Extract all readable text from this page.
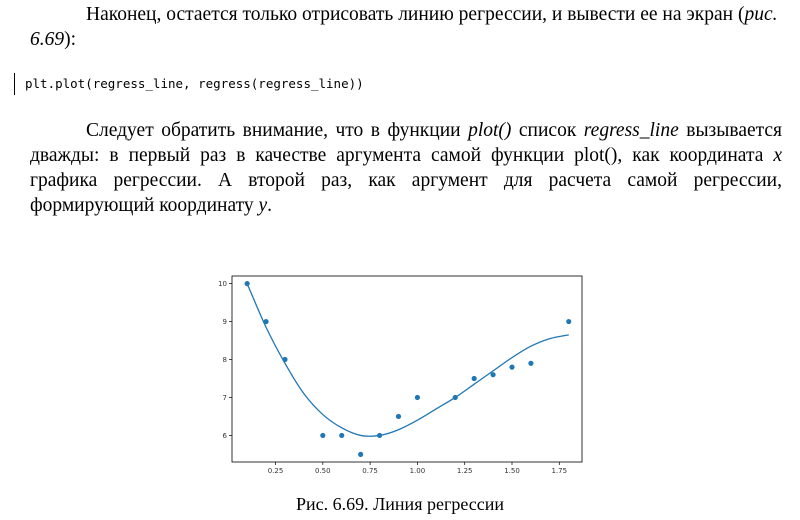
Наконец, остается только отрисовать линию регрессии, и вывести ее на экран (рис. 6.69):

plt.plot(regress_line, regress(regress_line))

Следует обратить внимание, что в функции plot() список regress_line вызывается дважды: в первый раз в качестве аргумента самой функции plot(), как координата x графика регрессии. А второй раз, как аргумент для расчета самой регрессии, формирующий координату y.

0.25	0.50	0.75	1.00	1.25	1.50	1.75
6
7
8
9
10
Рис. 6.69. Линия регрессии
